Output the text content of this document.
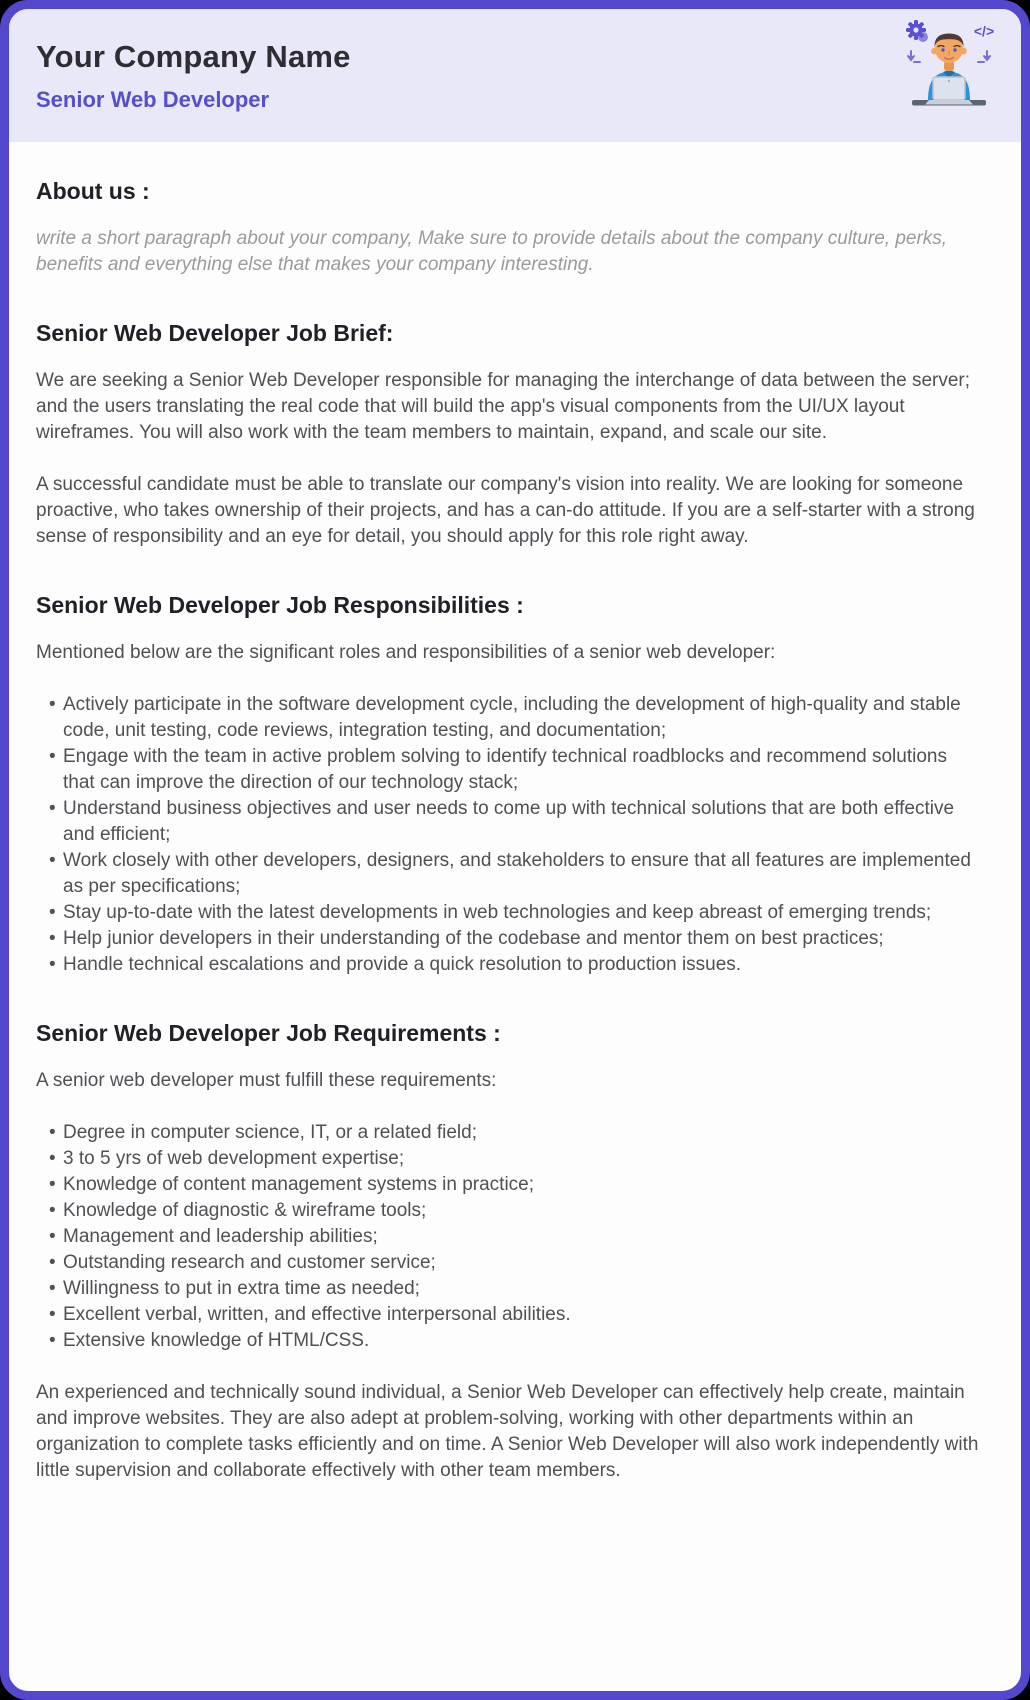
Your Company Name
Senior Web Developer
</>
About us :

write a short paragraph about your company, Make sure to provide details about the company culture, perks, benefits and everything else that makes your company interesting.

Senior Web Developer Job Brief:

We are seeking a Senior Web Developer responsible for managing the interchange of data between the server; and the users translating the real code that will build the app's visual components from the UI/UX layout wireframes. You will also work with the team members to maintain, expand, and scale our site.

A successful candidate must be able to translate our company's vision into reality. We are looking for someone proactive, who takes ownership of their projects, and has a can-do attitude. If you are a self-starter with a strong sense of responsibility and an eye for detail, you should apply for this role right away.

Senior Web Developer Job Responsibilities :

Mentioned below are the significant roles and responsibilities of a senior web developer:

• Actively participate in the software development cycle, including the development of high-quality and stable code, unit testing, code reviews, integration testing, and documentation;
• Engage with the team in active problem solving to identify technical roadblocks and recommend solutions that can improve the direction of our technology stack;
• Understand business objectives and user needs to come up with technical solutions that are both effective and efficient;
• Work closely with other developers, designers, and stakeholders to ensure that all features are implemented as per specifications;
• Stay up-to-date with the latest developments in web technologies and keep abreast of emerging trends;
• Help junior developers in their understanding of the codebase and mentor them on best practices;
• Handle technical escalations and provide a quick resolution to production issues.
Senior Web Developer Job Requirements :

A senior web developer must fulfill these requirements:

• Degree in computer science, IT, or a related field;
• 3 to 5 yrs of web development expertise;
• Knowledge of content management systems in practice;
• Knowledge of diagnostic & wireframe tools;
• Management and leadership abilities;
• Outstanding research and customer service;
• Willingness to put in extra time as needed;
• Excellent verbal, written, and effective interpersonal abilities.
• Extensive knowledge of HTML/CSS.

An experienced and technically sound individual, a Senior Web Developer can effectively help create, maintain and improve websites. They are also adept at problem-solving, working with other departments within an organization to complete tasks efficiently and on time. A Senior Web Developer will also work independently with little supervision and collaborate effectively with other team members.
